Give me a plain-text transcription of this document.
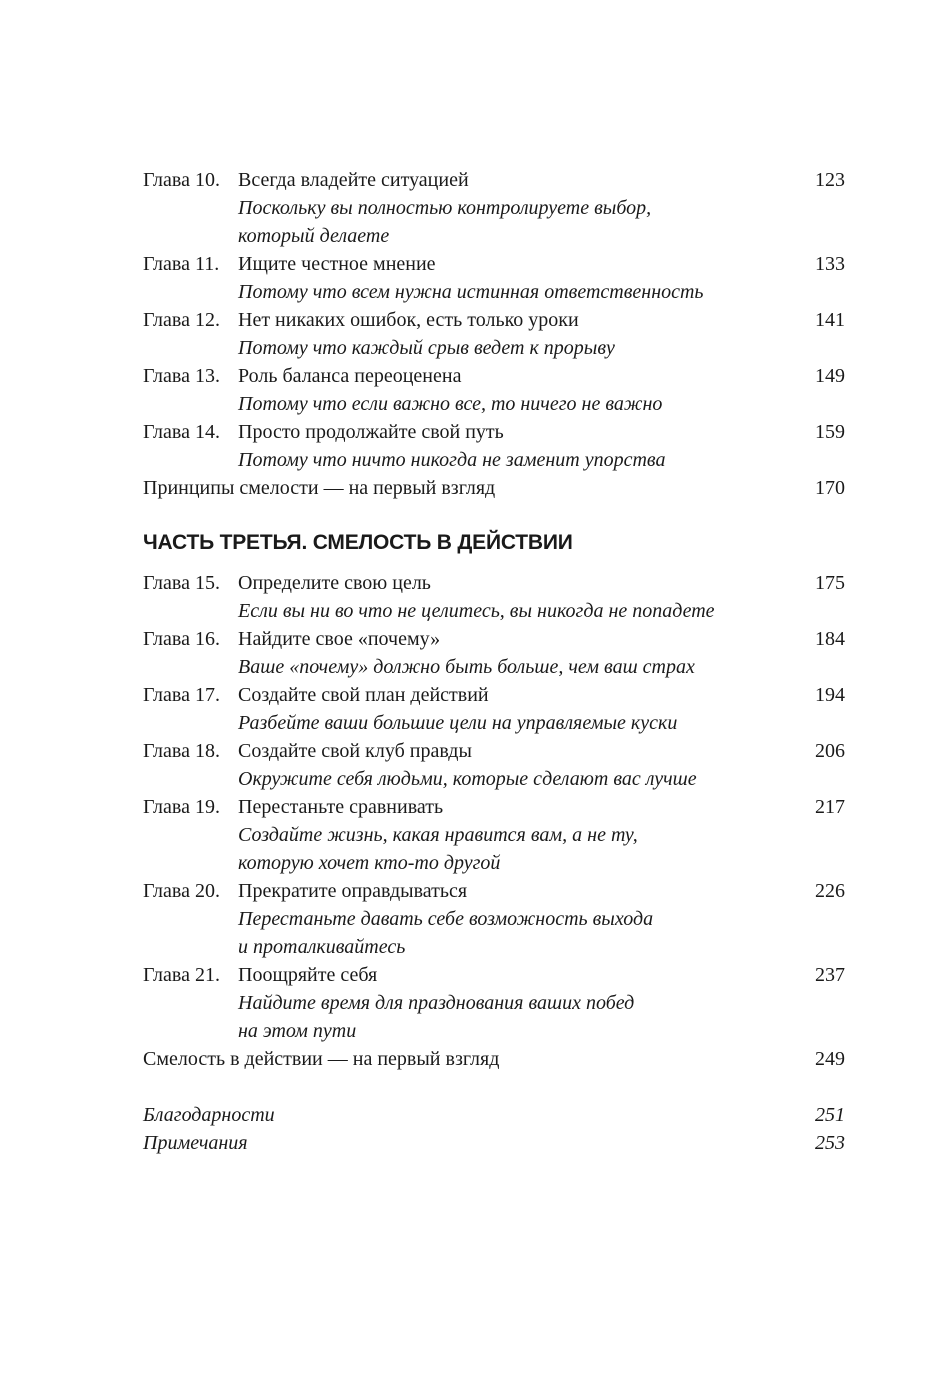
Глава 10. Всегда владейте ситуацией	123
Поскольку вы полностью контролируете выбор,
который делаете
Глава 11. Ищите честное мнение	133
Потому что всем нужна истинная ответственность
Глава 12. Нет никаких ошибок, есть только уроки	141
Потому что каждый срыв ведет к прорыву
Глава 13. Роль баланса переоценена	149
Потому что если важно все, то ничего не важно
Глава 14. Просто продолжайте свой путь	159
Потому что ничто никогда не заменит упорства
Принципы смелости — на первый взгляд	170
ЧАСТЬ ТРЕТЬЯ. СМЕЛОСТЬ В ДЕЙСТВИИ
Глава 15. Определите свою цель	175
Если вы ни во что не целитесь, вы никогда не попадете
Глава 16. Найдите свое «почему»	184
Ваше «почему» должно быть больше, чем ваш страх
Глава 17. Создайте свой план действий	194
Разбейте ваши большие цели на управляемые куски
Глава 18. Создайте свой клуб правды	206
Окружите себя людьми, которые сделают вас лучше
Глава 19. Перестаньте сравнивать	217
Создайте жизнь, какая нравится вам, а не ту,
которую хочет кто-то другой
Глава 20. Прекратите оправдываться	226
Перестаньте давать себе возможность выхода
и проталкивайтесь
Глава 21. Поощряйте себя	237
Найдите время для празднования ваших побед
на этом пути
Смелость в действии — на первый взгляд	249
Благодарности	251
Примечания	253
